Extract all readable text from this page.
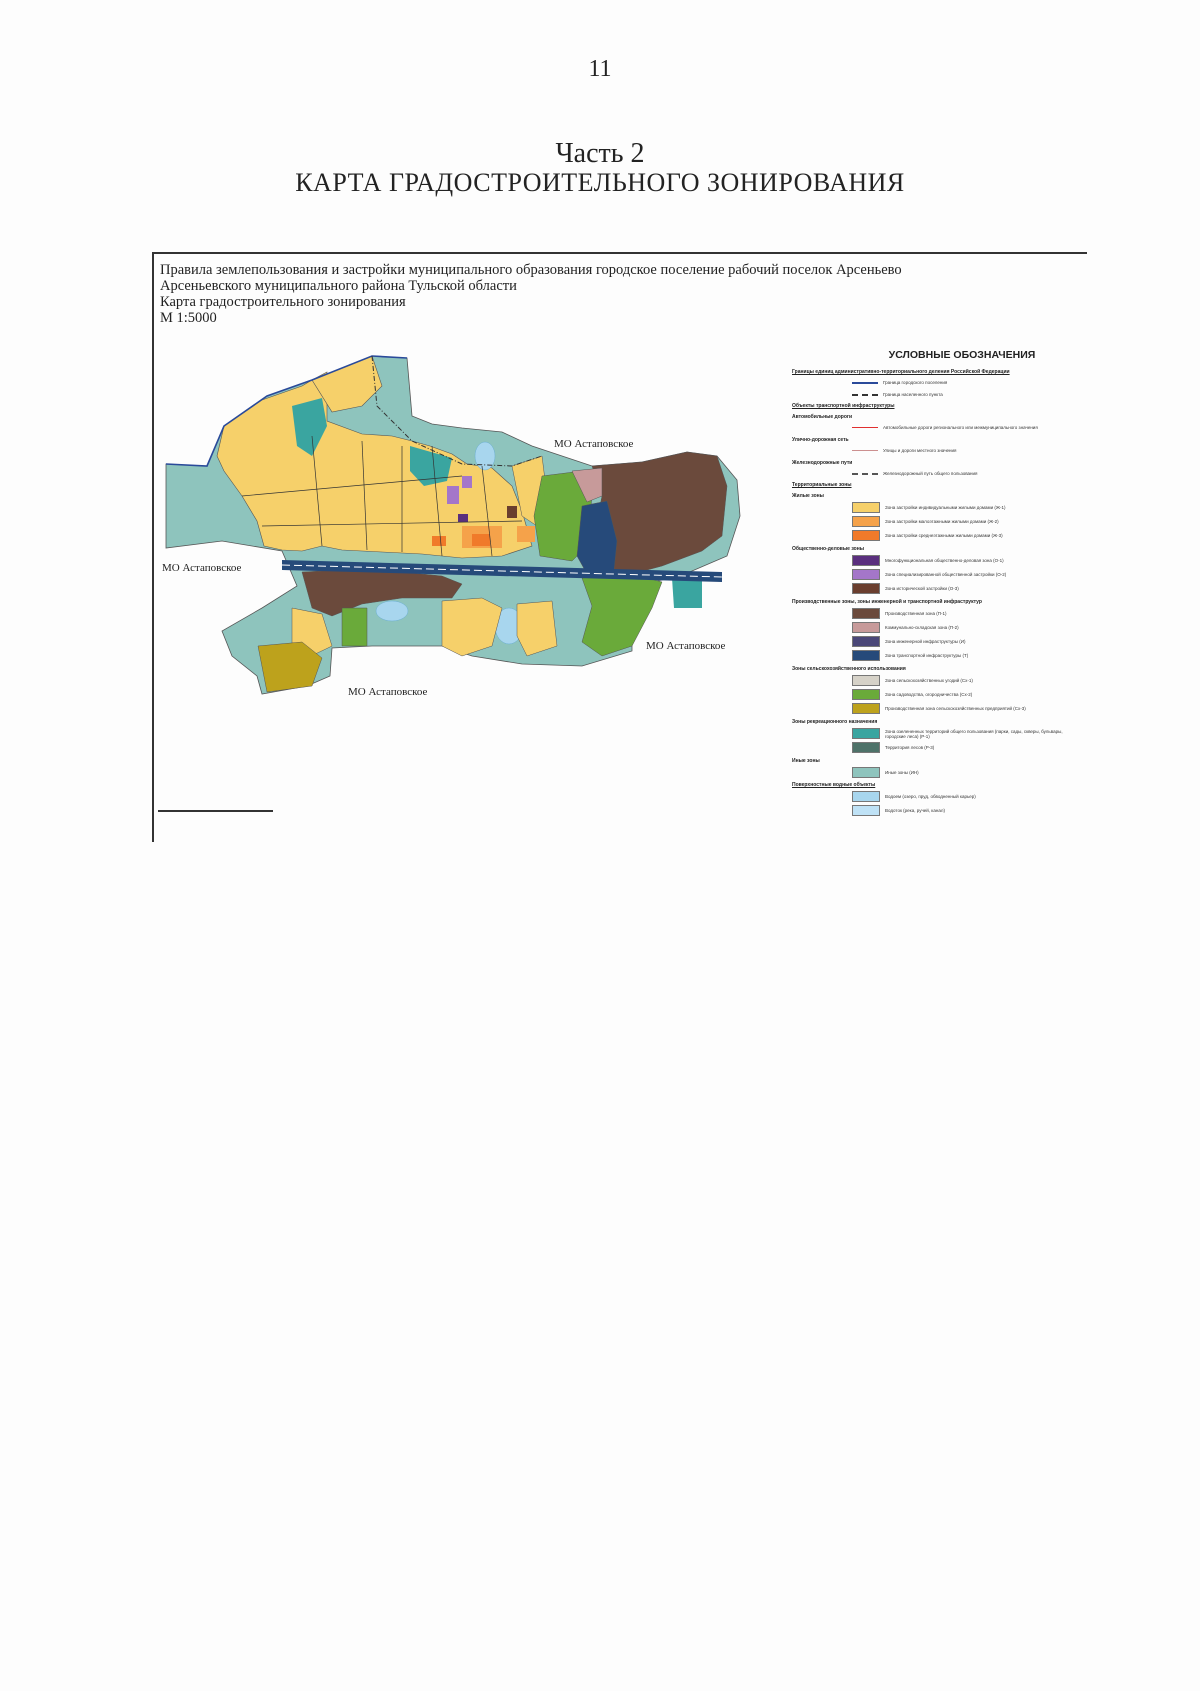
11
Часть 2
КАРТА ГРАДОСТРОИТЕЛЬНОГО ЗОНИРОВАНИЯ
Правила землепользования и застройки муниципального образования городское поселение рабочий поселок Арсеньево
Арсеньевского муниципального района Тульской области
Карта градостроительного зонирования
М 1:5000
МО Астаповское
МО Астаповское
МО Астаповское
МО Астаповское
УСЛОВНЫЕ ОБОЗНАЧЕНИЯ
Границы единиц административно-территориального деления Российской Федерации
Граница городского поселения
Граница населенного пункта
Объекты транспортной инфраструктуры
Автомобильные дороги
Автомобильные дороги регионального или межмуниципального значения
Улично-дорожная сеть
Улицы и дороги местного значения
Железнодорожные пути
Железнодорожный путь общего пользования
Территориальные зоны
Жилые зоны
Зона застройки индивидуальными жилыми домами (Ж-1)
Зона застройки малоэтажными жилыми домами (Ж-2)
Зона застройки среднеэтажными жилыми домами (Ж-3)
Общественно-деловые зоны
Многофункциональная общественно-деловая зона (О-1)
Зона специализированной общественной застройки (О-2)
Зона исторической застройки (О-3)
Производственные зоны, зоны инженерной и транспортной инфраструктур
Производственная зона (П-1)
Коммунально-складская зона (П-2)
Зона инженерной инфраструктуры (И)
Зона транспортной инфраструктуры (Т)
Зоны сельскохозяйственного использования
Зона сельскохозяйственных угодий (Сх-1)
Зона садоводства, огородничества (Сх-2)
Производственная зона сельскохозяйственных предприятий (Сх-3)
Зоны рекреационного назначения
Зона озелененных территорий общего пользования (парки, сады, скверы, бульвары, городские леса) (Р-1)
Территория лесов (Р-3)
Иные зоны
Иные зоны (ИН)
Поверхностные водные объекты
Водоем (озеро, пруд, обводненный карьер)
Водоток (река, ручей, канал)
